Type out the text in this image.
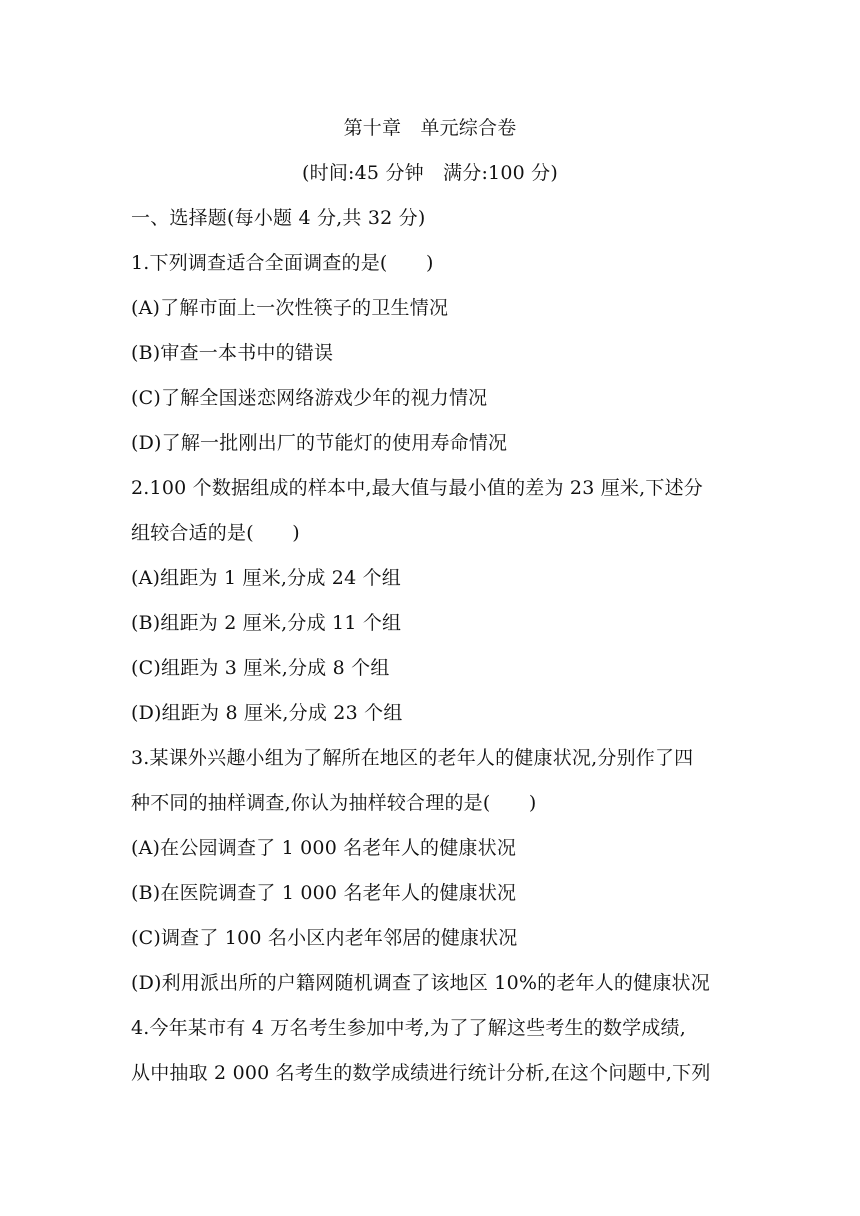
第十章　单元综合卷
(时间:45 分钟　满分:100 分)
一、选择题(每小题 4 分,共 32 分)
1.下列调查适合全面调查的是(　　)
(A)了解市面上一次性筷子的卫生情况
(B)审查一本书中的错误
(C)了解全国迷恋网络游戏少年的视力情况
(D)了解一批刚出厂的节能灯的使用寿命情况
2.100 个数据组成的样本中,最大值与最小值的差为 23 厘米,下述分
组较合适的是(　　)
(A)组距为 1 厘米,分成 24 个组
(B)组距为 2 厘米,分成 11 个组
(C)组距为 3 厘米,分成 8 个组
(D)组距为 8 厘米,分成 23 个组
3.某课外兴趣小组为了解所在地区的老年人的健康状况,分别作了四
种不同的抽样调查,你认为抽样较合理的是(　　)
(A)在公园调查了 1 000 名老年人的健康状况
(B)在医院调查了 1 000 名老年人的健康状况
(C)调查了 100 名小区内老年邻居的健康状况
(D)利用派出所的户籍网随机调查了该地区 10%的老年人的健康状况
4.今年某市有 4 万名考生参加中考,为了了解这些考生的数学成绩,
从中抽取 2 000 名考生的数学成绩进行统计分析,在这个问题中,下列
